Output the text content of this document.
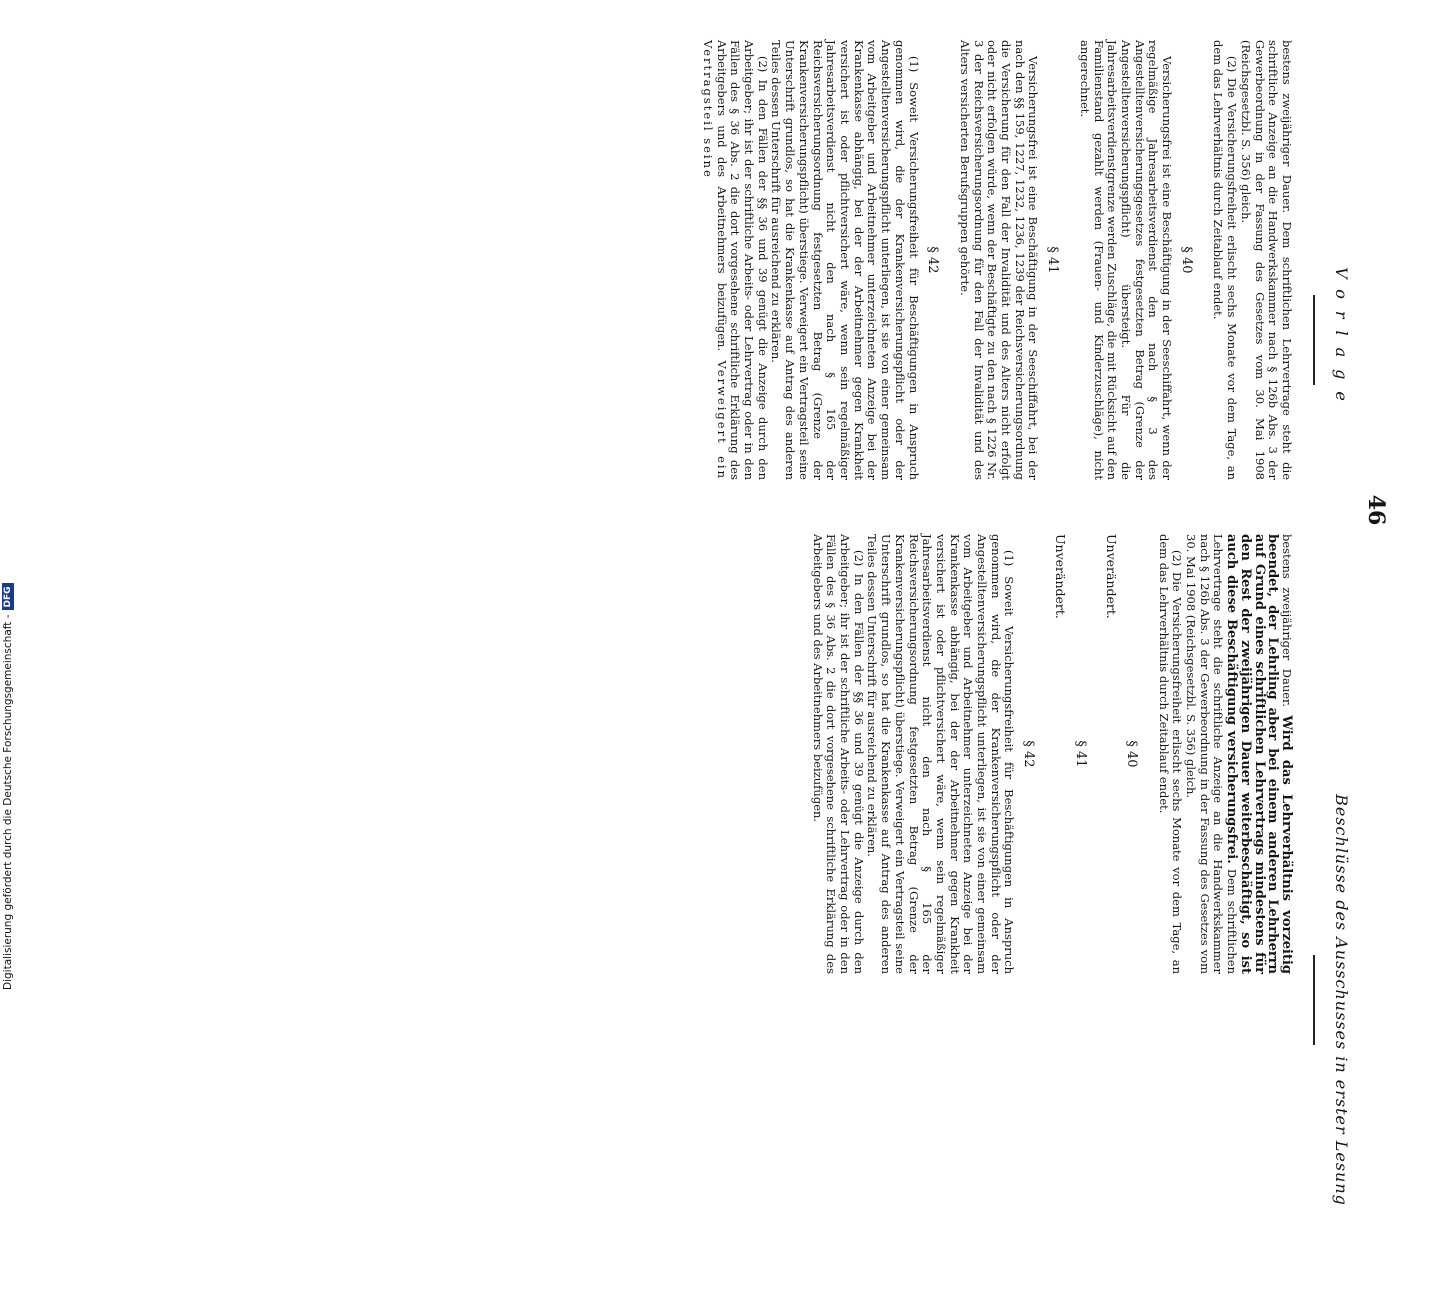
46
Vorlage
Beschlüsse des Ausschusses in erster Lesung

bestens zweijähriger Dauer. Dem schriftlichen Lehrvertrage steht die schriftliche Anzeige an die Handwerkskammer nach § 126b Abs. 3 der Gewerbeordnung in der Fassung des Gesetzes vom 30. Mai 1908 (Reichsgesetzbl. S. 356) gleich.

(2) Die Versicherungsfreiheit erlischt sechs Monate vor dem Tage, an dem das Lehrverhältnis durch Zeitablauf endet.

§ 40

Versicherungsfrei ist eine Beschäftigung in der Seeschiffahrt, wenn der regelmäßige Jahresarbeitsverdienst den nach § 3 des Angestelltenversicherungsgesetzes festgesetzten Betrag (Grenze der Angestelltenversicherungspflicht) übersteigt. Für die Jahresarbeitsverdienstgrenze werden Zuschläge, die mit Rücksicht auf den Familienstand gezahlt werden (Frauen- und Kinderzuschläge), nicht angerechnet.

§ 41

Versicherungsfrei ist eine Beschäftigung in der Seeschiffahrt, bei der nach den §§ 159, 1227, 1232, 1236, 1239 der Reichsversicherungsordnung die Versicherung für den Fall der Invalidität und des Alters nicht erfolgt oder nicht erfolgen würde, wenn der Beschäftigte zu den nach § 1226 Nr. 3 der Reichsversicherungsordnung für den Fall der Invalidität und des Alters versicherten Berufsgruppen gehörte.

§ 42

(1) Soweit Versicherungsfreiheit für Beschäftigungen in Anspruch genommen wird, die der Krankenversicherungspflicht oder der Angestelltenversicherungspflicht unterliegen, ist sie von einer gemeinsam vom Arbeitgeber und Arbeitnehmer unterzeichneten Anzeige bei der Krankenkasse abhängig, bei der der Arbeitnehmer gegen Krankheit versichert ist oder pflichtversichert wäre, wenn sein regelmäßiger Jahresarbeitsverdienst nicht den nach § 165 der Reichsversicherungsordnung festgesetzten Betrag (Grenze der Krankenversicherungspflicht) überstiege. Verweigert ein Vertragsteil seine Unterschrift grundlos, so hat die Krankenkasse auf Antrag des anderen Teiles dessen Unterschrift für ausreichend zu erklären.

(2) In den Fällen der §§ 36 und 39 genügt die Anzeige durch den Arbeitgeber; ihr ist der schriftliche Arbeits- oder Lehrvertrag oder in den Fällen des § 36 Abs. 2 die dort vorgesehene schriftliche Erklärung des Arbeitgebers und des Arbeitnehmers beizufügen. Verweigert ein Vertragsteil seine

bestens zweijähriger Dauer. Wird das Lehrverhältnis vorzeitig beendet, der Lehrling aber bei einem anderen Lehrherrn auf Grund eines schriftlichen Lehrvertrags mindestens für den Rest der zweijährigen Dauer weiterbeschäftigt, so ist auch diese Beschäftigung versicherungsfrei. Dem schriftlichen Lehrvertrage steht die schriftliche Anzeige an die Handwerkskammer nach § 126b Abs. 3 der Gewerbeordnung in der Fassung des Gesetzes vom 30. Mai 1908 (Reichsgesetzbl. S. 356) gleich.

(2) Die Versicherungsfreiheit erlischt sechs Monate vor dem Tage, an dem das Lehrverhältnis durch Zeitablauf endet.

§ 40

Unverändert.

§ 41

Unverändert.

§ 42

(1) Soweit Versicherungsfreiheit für Beschäftigungen in Anspruch genommen wird, die der Krankenversicherungspflicht oder der Angestelltenversicherungspflicht unterliegen, ist sie von einer gemeinsam vom Arbeitgeber und Arbeitnehmer unterzeichneten Anzeige bei der Krankenkasse abhängig, bei der der Arbeitnehmer gegen Krankheit versichert ist oder pflichtversichert wäre, wenn sein regelmäßiger Jahresarbeitsverdienst nicht den nach § 165 der Reichsversicherungsordnung festgesetzten Betrag (Grenze der Krankenversicherungspflicht) überstiege. Verweigert ein Vertragsteil seine Unterschrift grundlos, so hat die Krankenkasse auf Antrag des anderen Teiles dessen Unterschrift für ausreichend zu erklären.

(2) In den Fällen der §§ 36 und 39 genügt die Anzeige durch den Arbeitgeber; ihr ist der schriftliche Arbeits- oder Lehrvertrag oder in den Fällen des § 36 Abs. 2 die dort vorgesehene schriftliche Erklärung des Arbeitgebers und des Arbeitnehmers beizufügen.

Digitalisierung gefördert durch die Deutsche Forschungsgemeinschaft -DFG
